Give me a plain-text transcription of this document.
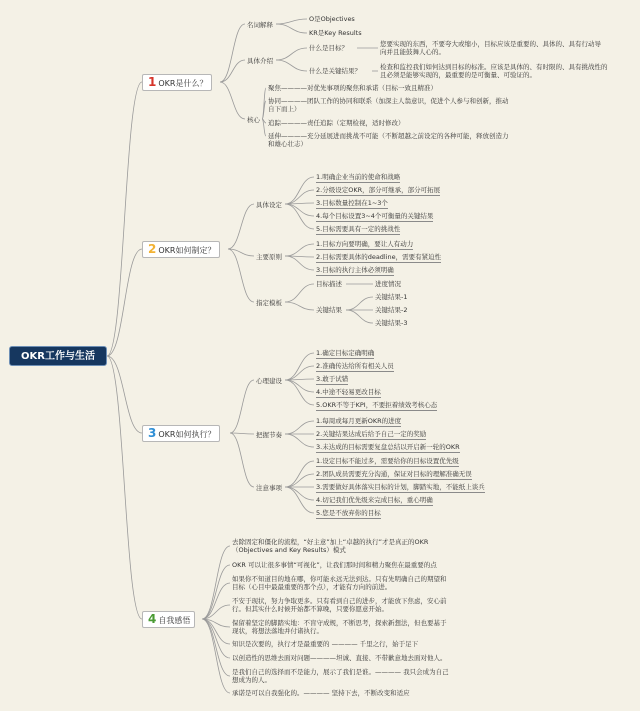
OKR工作与生活
1 OKR是什么？
名词解释
O是Objectives
KR是Key Results
具体介绍
什么是目标？	您要实现的东西，不要夸大或缩小，目标应该是重要的、具体的、具有行动导向并且能鼓舞人心的。
什么是关键结果？	检查和监控我们如何达到目标的标准。应该是具体的、有时限的、具有挑战性的且必须是能够实现的，最重要的是可衡量、可验证的。
核心
聚焦————对优先事项的聚焦和承诺（目标一致且精准）
协同————团队工作的协同和联系（加深主人翁意识，促进个人参与和创新，推动自下而上）
追踪————责任追踪（定期检视，适时修改）
延伸————充分延展进而挑战不可能（不断超越之前设定的各种可能，释放创造力和雄心壮志）
2 OKR如何制定？
具体设定
1.明确企业当前的使命和战略
2.分级设定OKR，部分可继承，部分可拓展
3.目标数量控制在1~3个
4.每个目标设置3~4个可衡量的关键结果
5.目标需要具有一定的挑战性
主要原则
1.目标方向要明确，要让人有动力
2.目标需要具体的deadline，需要有紧迫性
3.目标的执行主体必须明确
指定模板
目标描述	进度情况
关键结果
关键结果-1
关键结果-2
关键结果-3
3 OKR如何执行？
心理建设
1.确定目标定确明确
2.准确传达给所有相关人员
3.敢于试错
4.中途不轻易更改目标
5.OKR不等于KPI，不要拒着绩效考核心态
把握节奏
1.每周或每月更新OKR的进度
2.关键结果达成后给予自己一定的奖励
3.未达成的目标需要复盘总结以开启新一轮的OKR
注意事项
1.设定目标不能过多，需要给你的目标设置优先级
2.团队成员需要充分沟通，保证对目标的理解准确无误
3.需要做好具体落实目标的计划，脚踏实地，不能纸上谈兵
4.切记我们优先级来完成目标，重心明确
5.您是不放弃你的目标
4 自我感悟
去除固定和僵化的流程，“好主意”加上“卓越的执行”才是真正的OKR（Objectives and Key Results）模式
OKR 可以让很多事情“可视化”，让我们那时间和精力聚焦在最重要的点
如果你不知道目的地在哪，你可能永远无法到达。只有先明确自己的期望和目标（心目中最最重要的那个点），才能有方向的前进。
不安于现状，努力争取更多。只有看到自己的进步，才能放下焦虑，安心前行。但其实什么时候开始都不算晚，只要你愿意开始。
保留着坚定的脚踏实地：不盲守成规，不断思考，探索新想法，但也要基于现状，将想法落地并付诸执行。
知识是次要的，执行才是最重要的 ———— 千里之行，始于足下
以创造性的思维去面对问题————坦诚、直接、不带歉意地去面对他人。
是我们自己的选择而不是能力，展示了我们是谁。———— 我只会成为自己想成为的人。
承诺是可以自我强化的。———— 坚持下去，不断改变和适应
